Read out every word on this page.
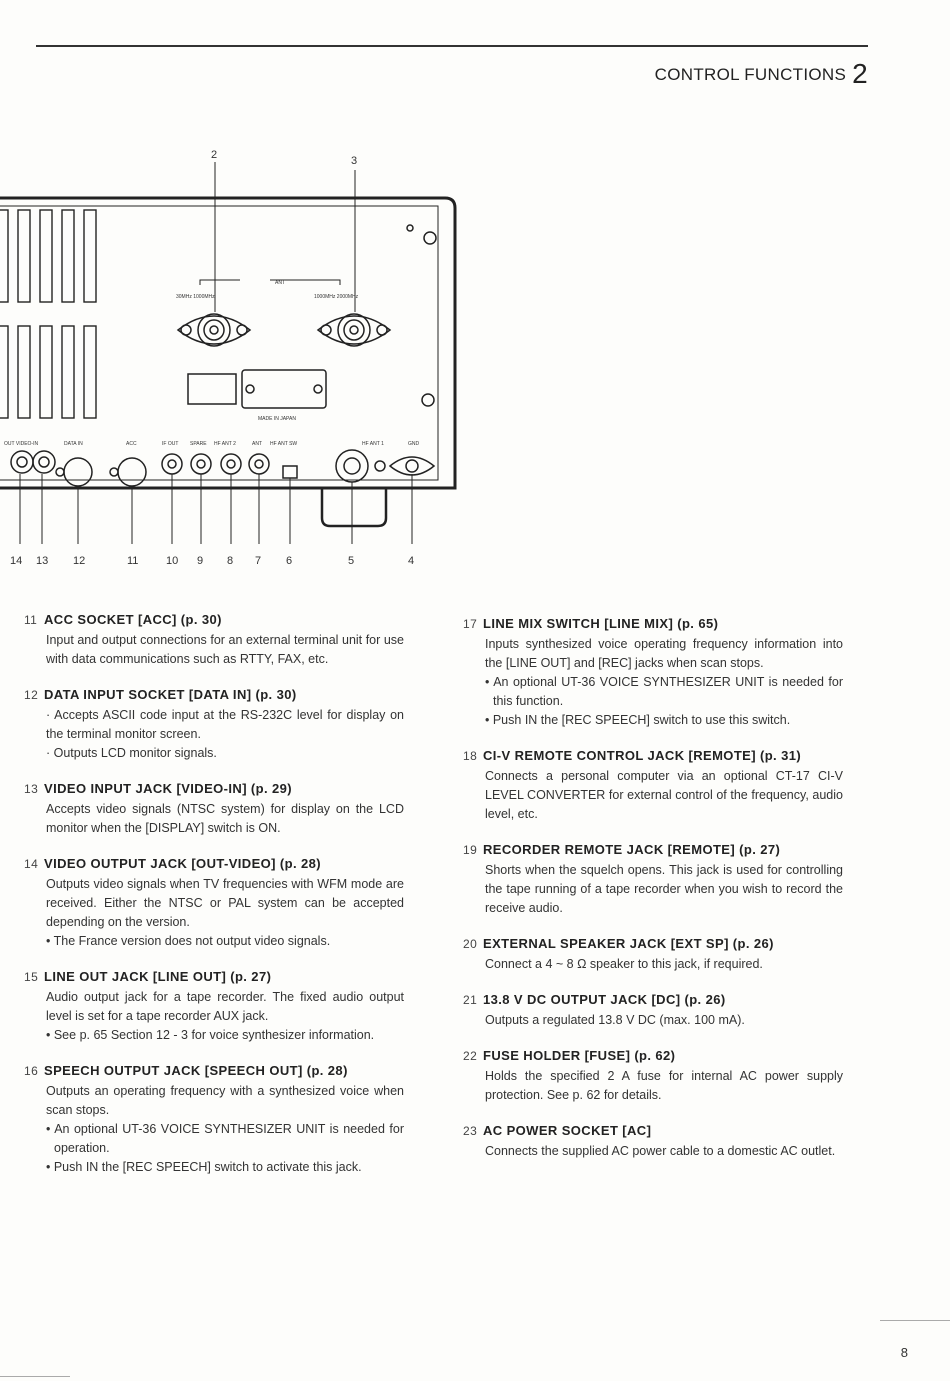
CONTROL FUNCTIONS 2
2	3
14 13 12	11	10 9 8 7 6	5	4
ANT
30MHz 1000MHz	1000MHz 2000MHz
MADE IN JAPAN
OUT VIDEO-IN	DATA IN	ACC	IF OUT SPARE HF ANT 2	ANT HF ANT SW	HF ANT 1	GND
11 ACC SOCKET [ACC] (p. 30)

Input and output connections for an external terminal unit for use with data communications such as RTTY, FAX, etc.

12 DATA INPUT SOCKET [DATA IN] (p. 30)

· Accepts ASCII code input at the RS-232C level for display on the terminal monitor screen.

· Outputs LCD monitor signals.

13 VIDEO INPUT JACK [VIDEO-IN] (p. 29)

Accepts video signals (NTSC system) for display on the LCD monitor when the [DISPLAY] switch is ON.

14 VIDEO OUTPUT JACK [OUT-VIDEO] (p. 28)

Outputs video signals when TV frequencies with WFM mode are received. Either the NTSC or PAL system can be accepted depending on the version.

• The France version does not output video signals.

15 LINE OUT JACK [LINE OUT] (p. 27)

Audio output jack for a tape recorder. The fixed audio output level is set for a tape recorder AUX jack.

• See p. 65 Section 12 - 3 for voice synthesizer information.

16 SPEECH OUTPUT JACK [SPEECH OUT] (p. 28)

Outputs an operating frequency with a synthesized voice when scan stops.

• An optional UT-36 VOICE SYNTHESIZER UNIT is needed for operation.

• Push IN the [REC SPEECH] switch to activate this jack.

17 LINE MIX SWITCH [LINE MIX] (p. 65)

Inputs synthesized voice operating frequency information into the [LINE OUT] and [REC] jacks when scan stops.

• An optional UT-36 VOICE SYNTHESIZER UNIT is needed for this function.

• Push IN the [REC SPEECH] switch to use this switch.

18 CI-V REMOTE CONTROL JACK [REMOTE] (p. 31)

Connects a personal computer via an optional CT-17 CI-V LEVEL CONVERTER for external control of the frequency, audio level, etc.

19 RECORDER REMOTE JACK [REMOTE] (p. 27)

Shorts when the squelch opens. This jack is used for controlling the tape running of a tape recorder when you wish to record the receive audio.

20 EXTERNAL SPEAKER JACK [EXT SP] (p. 26)

Connect a 4 ~ 8 Ω speaker to this jack, if required.

21 13.8 V DC OUTPUT JACK [DC] (p. 26)

Outputs a regulated 13.8 V DC (max. 100 mA).

22 FUSE HOLDER [FUSE] (p. 62)

Holds the specified 2 A fuse for internal AC power supply protection. See p. 62 for details.

23 AC POWER SOCKET [AC]

Connects the supplied AC power cable to a domestic AC outlet.

8
